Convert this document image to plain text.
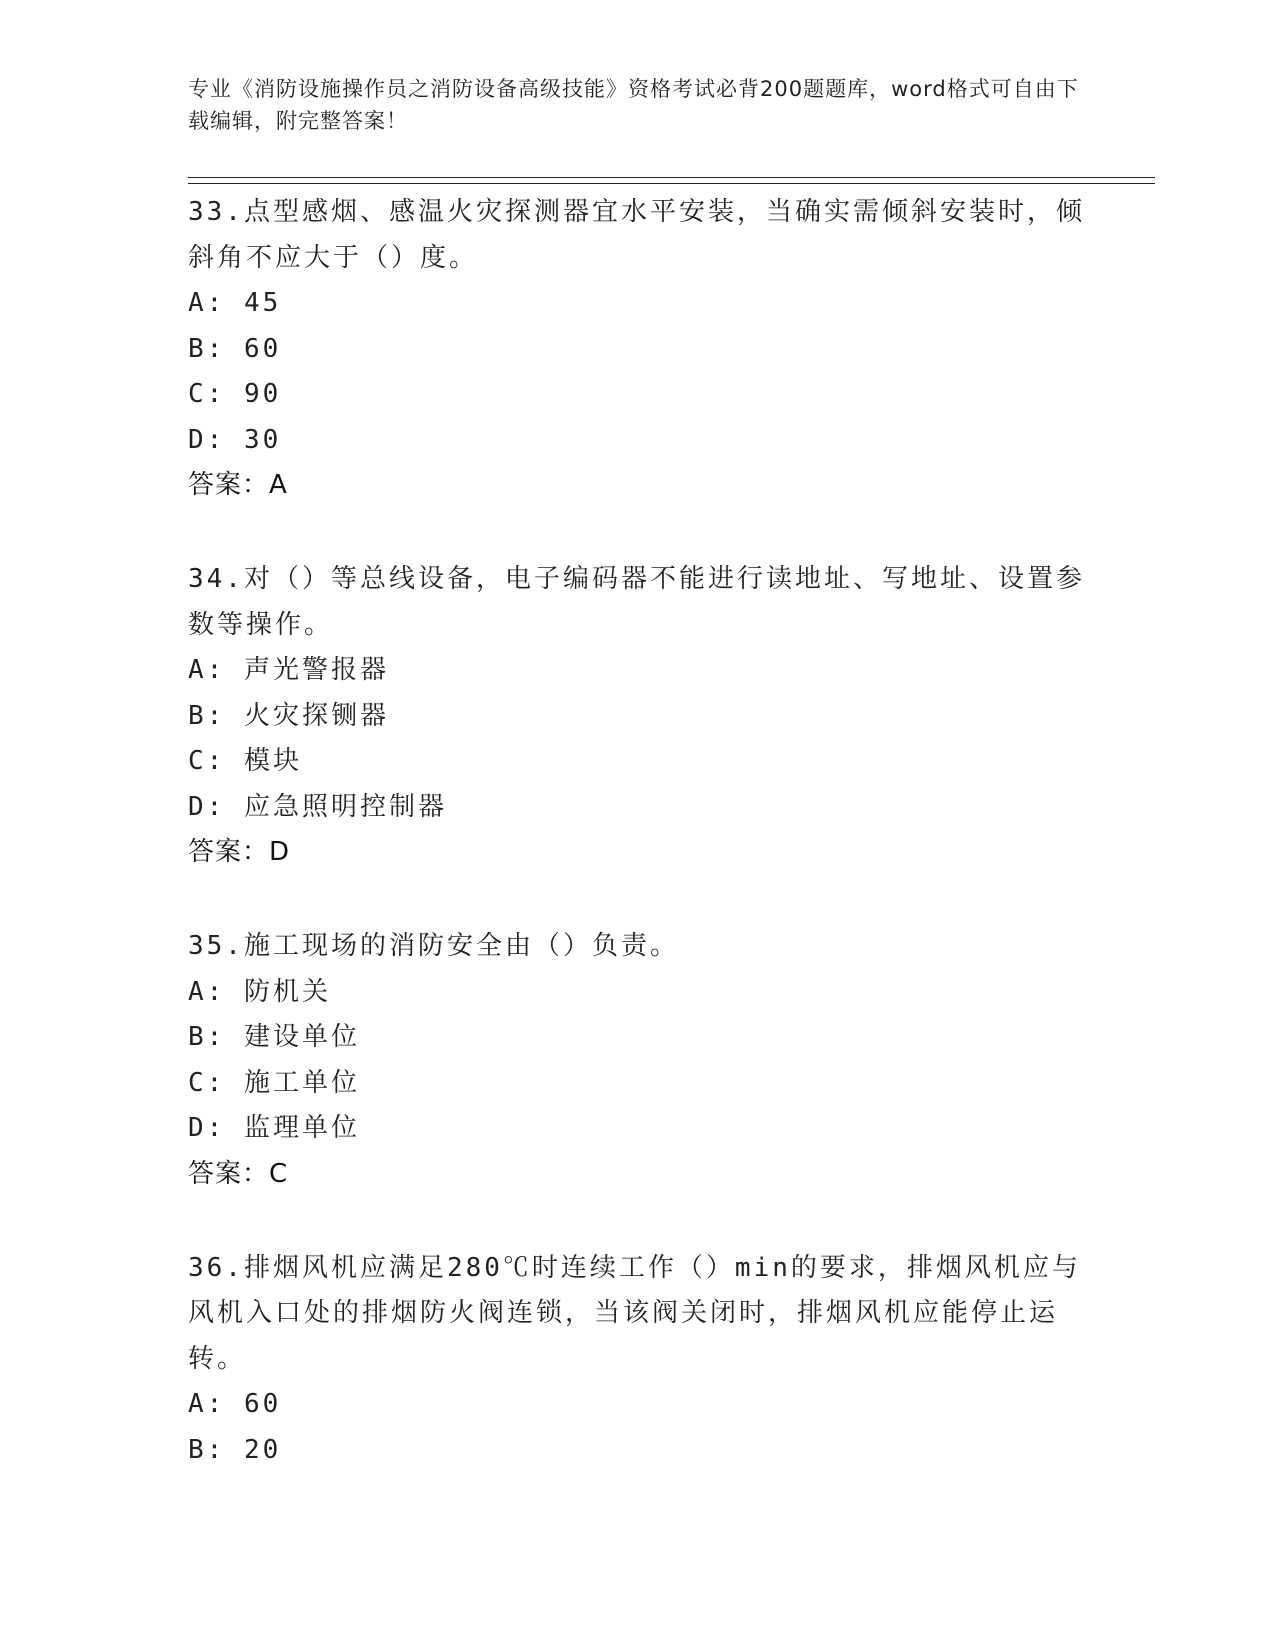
专业《消防设施操作员之消防设备高级技能》资格考试必背200题题库，word格式可自由下载编辑，附完整答案！
33.点型感烟、感温火灾探测器宜水平安装，当确实需倾斜安装时，倾斜角不应大于（）度。
A: 45
B: 60
C: 90
D: 30
答案：A
34.对（）等总线设备，电子编码器不能进行读地址、写地址、设置参数等操作。
A: 声光警报器
B: 火灾探铡器
C: 模块
D: 应急照明控制器
答案：D
35.施工现场的消防安全由（）负责。
A: 防机关
B: 建设单位
C: 施工单位
D: 监理单位
答案：C
36.排烟风机应满足280℃时连续工作（）min的要求，排烟风机应与风机入口处的排烟防火阀连锁，当该阀关闭时，排烟风机应能停止运转。
A: 60
B: 20
